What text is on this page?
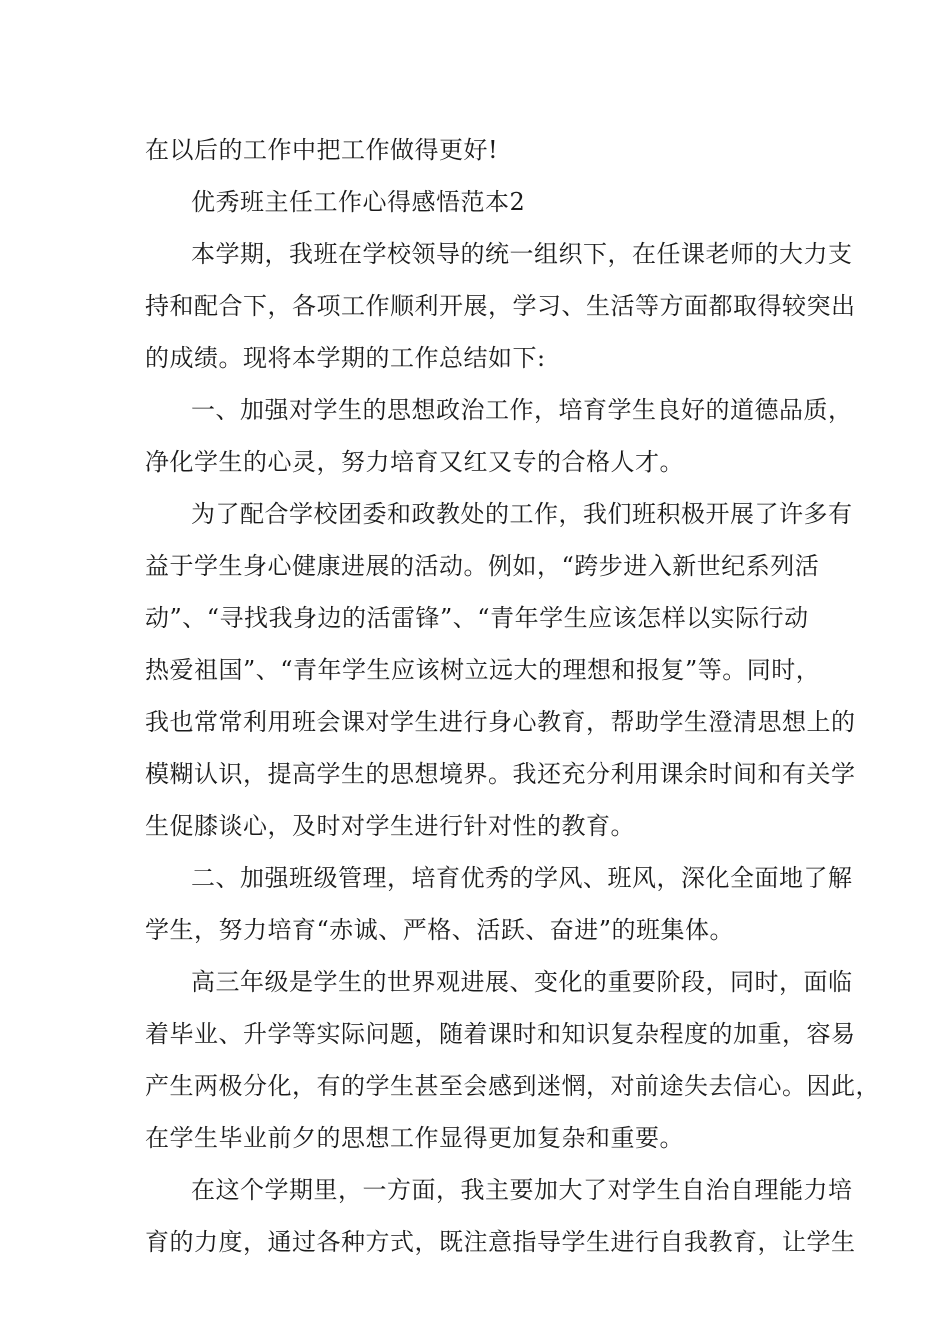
在以后的工作中把工作做得更好!
优秀班主任工作心得感悟范本2
本学期，我班在学校领导的统一组织下，在任课老师的大力支
持和配合下，各项工作顺利开展，学习、生活等方面都取得较突出
的成绩。现将本学期的工作总结如下:
一、加强对学生的思想政治工作，培育学生良好的道德品质，
净化学生的心灵，努力培育又红又专的合格人才。
为了配合学校团委和政教处的工作，我们班积极开展了许多有
益于学生身心健康进展的活动。例如，“跨步进入新世纪系列活
动”、“寻找我身边的活雷锋”、“青年学生应该怎样以实际行动
热爱祖国”、“青年学生应该树立远大的理想和报复”等。同时，
我也常常利用班会课对学生进行身心教育，帮助学生澄清思想上的
模糊认识，提高学生的思想境界。我还充分利用课余时间和有关学
生促膝谈心，及时对学生进行针对性的教育。
二、加强班级管理，培育优秀的学风、班风，深化全面地了解
学生，努力培育“赤诚、严格、活跃、奋进”的班集体。
高三年级是学生的世界观进展、变化的重要阶段，同时，面临
着毕业、升学等实际问题，随着课时和知识复杂程度的加重，容易
产生两极分化，有的学生甚至会感到迷惘，对前途失去信心。因此，
在学生毕业前夕的思想工作显得更加复杂和重要。
在这个学期里，一方面，我主要加大了对学生自治自理能力培
育的力度，通过各种方式，既注意指导学生进行自我教育，让学生
